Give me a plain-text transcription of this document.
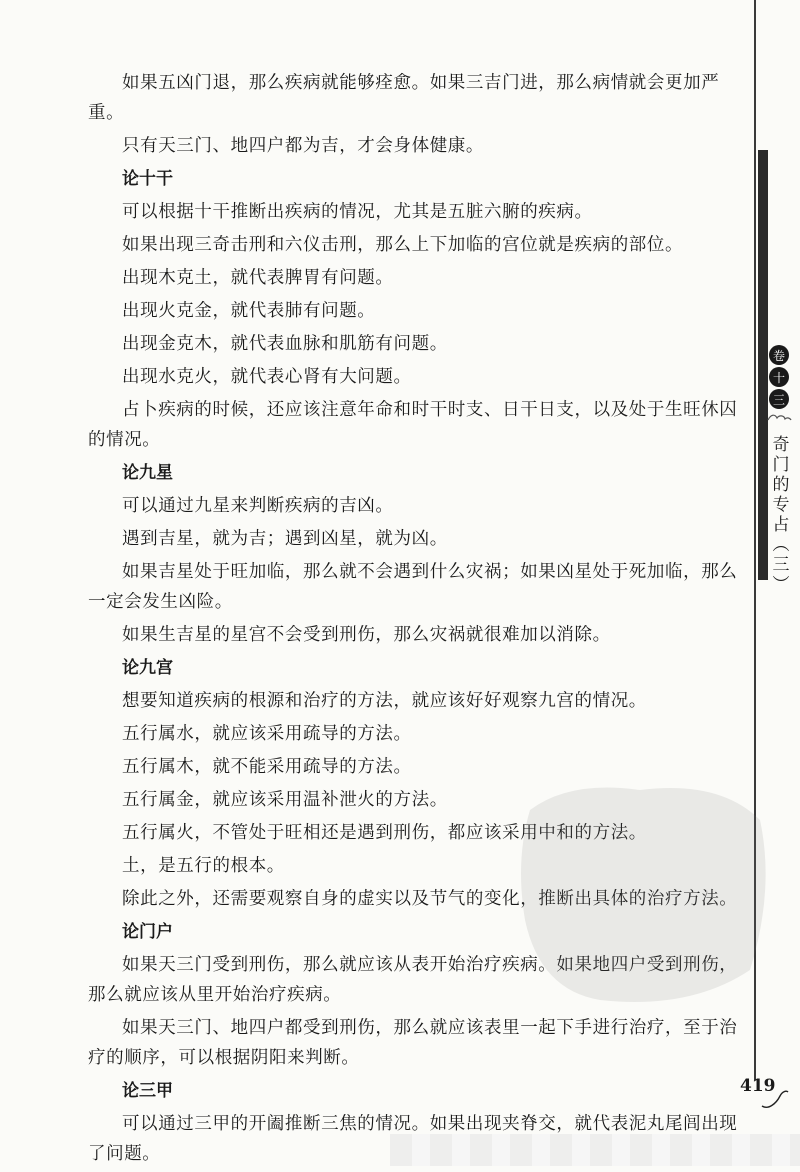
如果五凶门退，那么疾病就能够痊愈。如果三吉门进，那么病情就会更加严重。
只有天三门、地四户都为吉，才会身体健康。
论十干
可以根据十干推断出疾病的情况，尤其是五脏六腑的疾病。
如果出现三奇击刑和六仪击刑，那么上下加临的宫位就是疾病的部位。
出现木克土，就代表脾胃有问题。
出现火克金，就代表肺有问题。
出现金克木，就代表血脉和肌筋有问题。
出现水克火，就代表心肾有大问题。
占卜疾病的时候，还应该注意年命和时干时支、日干日支，以及处于生旺休囚的情况。
论九星
可以通过九星来判断疾病的吉凶。
遇到吉星，就为吉；遇到凶星，就为凶。
如果吉星处于旺加临，那么就不会遇到什么灾祸；如果凶星处于死加临，那么一定会发生凶险。
如果生吉星的星宫不会受到刑伤，那么灾祸就很难加以消除。
论九宫
想要知道疾病的根源和治疗的方法，就应该好好观察九宫的情况。
五行属水，就应该采用疏导的方法。
五行属木，就不能采用疏导的方法。
五行属金，就应该采用温补泄火的方法。
五行属火，不管处于旺相还是遇到刑伤，都应该采用中和的方法。
土，是五行的根本。
除此之外，还需要观察自身的虚实以及节气的变化，推断出具体的治疗方法。
论门户
如果天三门受到刑伤，那么就应该从表开始治疗疾病。如果地四户受到刑伤，那么就应该从里开始治疗疾病。
如果天三门、地四户都受到刑伤，那么就应该表里一起下手进行治疗，至于治疗的顺序，可以根据阴阳来判断。
论三甲
可以通过三甲的开阖推断三焦的情况。如果出现夹脊交，就代表泥丸尾闾出现了问题。
卷
十
三
奇门的专占（三）
419
